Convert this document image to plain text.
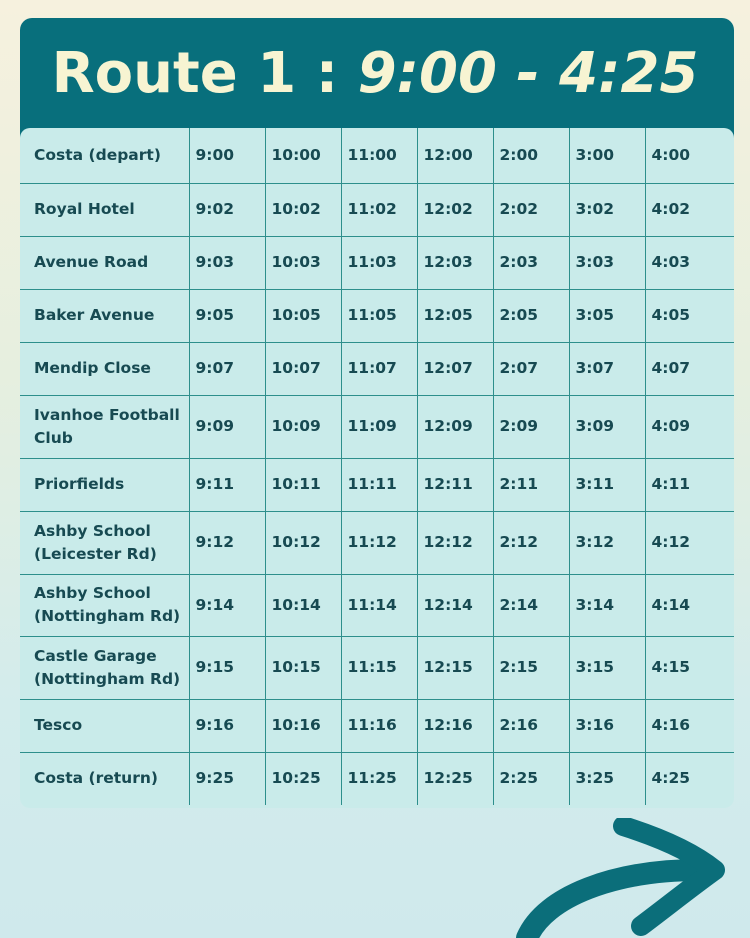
Route 1 : 9:00 - 4:25
Costa (depart)	9:00	10:00	11:00	12:00	2:00	3:00	4:00
Royal Hotel	9:02	10:02	11:02	12:02	2:02	3:02	4:02
Avenue Road	9:03	10:03	11:03	12:03	2:03	3:03	4:03
Baker Avenue	9:05	10:05	11:05	12:05	2:05	3:05	4:05
Mendip Close	9:07	10:07	11:07	12:07	2:07	3:07	4:07
Ivanhoe Football Club	9:09	10:09	11:09	12:09	2:09	3:09	4:09
Priorfields	9:11	10:11	11:11	12:11	2:11	3:11	4:11
Ashby School (Leicester Rd)	9:12	10:12	11:12	12:12	2:12	3:12	4:12
Ashby School (Nottingham Rd)	9:14	10:14	11:14	12:14	2:14	3:14	4:14
Castle Garage (Nottingham Rd)	9:15	10:15	11:15	12:15	2:15	3:15	4:15
Tesco	9:16	10:16	11:16	12:16	2:16	3:16	4:16
Costa (return)	9:25	10:25	11:25	12:25	2:25	3:25	4:25
